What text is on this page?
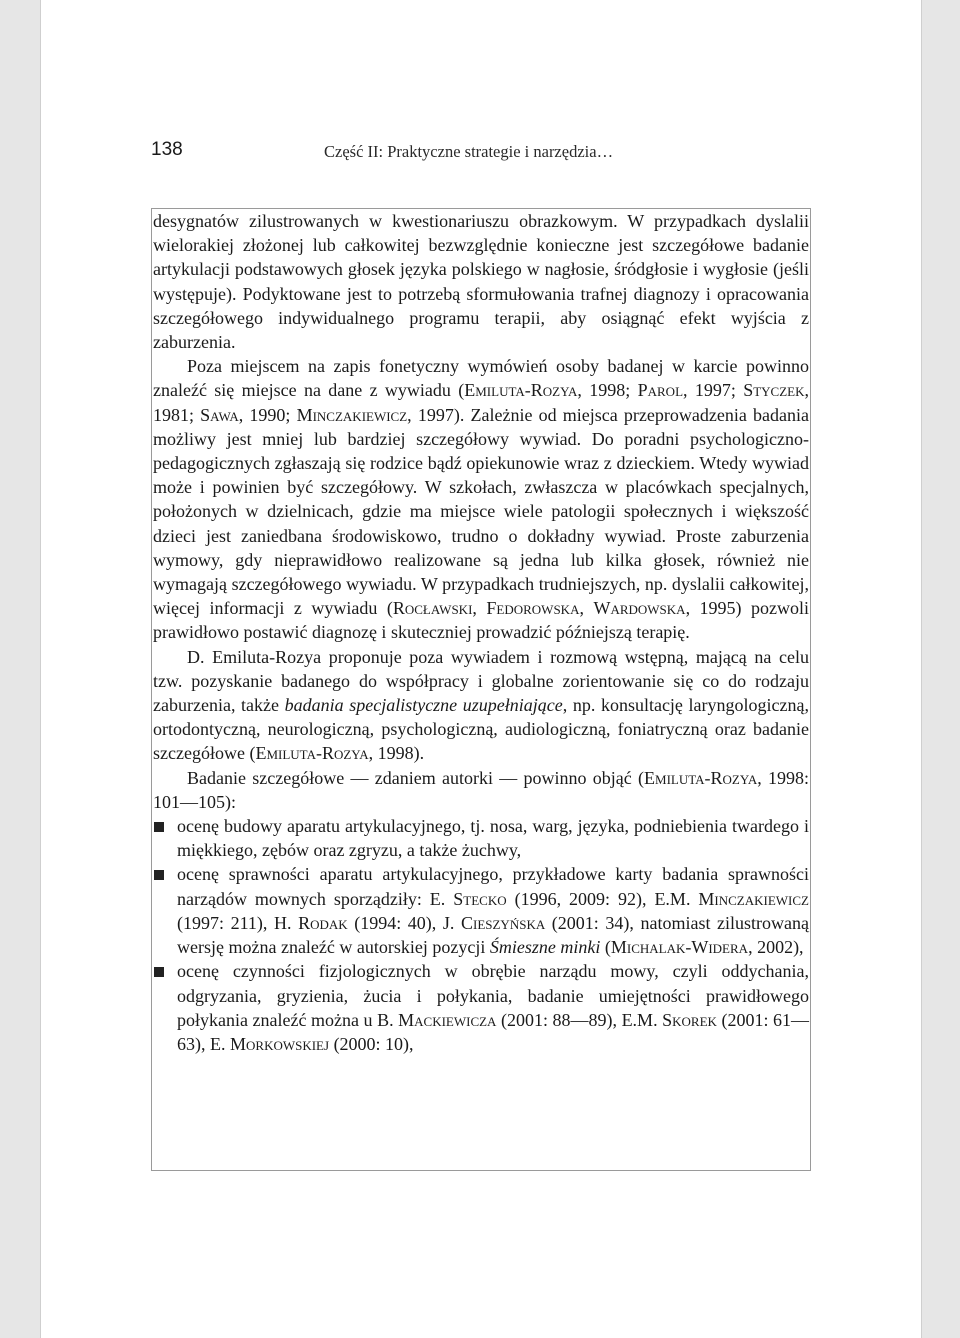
138	Część II: Praktyczne strategie i narzędzia…

desygnatów zilustrowanych w kwestionariuszu obrazkowym. W przypadkach dyslalii wielorakiej złożonej lub całkowitej bezwzględnie konieczne jest szczegółowe badanie artykulacji podstawowych głosek języka polskiego w nagłosie, śródgłosie i wygłosie (jeśli występuje). Podyktowane jest to potrzebą sformułowania trafnej diagnozy i opracowania szczegółowego indywidualnego programu terapii, aby osiągnąć efekt wyjścia z zaburzenia.

Poza miejscem na zapis fonetyczny wymówień osoby badanej w karcie powinno znaleźć się miejsce na dane z wywiadu (Emiluta-Rozya, 1998; Parol, 1997; Styczek, 1981; Sawa, 1990; Minczakiewicz, 1997). Zależnie od miejsca przeprowadzenia badania możliwy jest mniej lub bardziej szczegółowy wywiad. Do poradni psychologiczno-pedagogicznych zgłaszają się rodzice bądź opiekunowie wraz z dzieckiem. Wtedy wywiad może i powinien być szczegółowy. W szkołach, zwłaszcza w placówkach specjalnych, położonych w dzielnicach, gdzie ma miejsce wiele patologii społecznych i większość dzieci jest zaniedbana środowiskowo, trudno o dokładny wywiad. Proste zaburzenia wymowy, gdy nieprawidłowo realizowane są jedna lub kilka głosek, również nie wymagają szczegółowego wywiadu. W przypadkach trudniejszych, np. dyslalii całkowitej, więcej informacji z wywiadu (Rocławski, Fedorowska, Wardowska, 1995) pozwoli prawidłowo postawić diagnozę i skuteczniej prowadzić późniejszą terapię.

D. Emiluta-Rozya proponuje poza wywiadem i rozmową wstępną, mającą na celu tzw. pozyskanie badanego do współpracy i globalne zorientowanie się co do rodzaju zaburzenia, także badania specjalistyczne uzupełniające, np. konsultację laryngologiczną, ortodontyczną, neurologiczną, psychologiczną, audiologiczną, foniatryczną oraz badanie szczegółowe (Emiluta-Rozya, 1998).

Badanie szczegółowe — zdaniem autorki — powinno objąć (Emiluta-Rozya, 1998: 101—105):

ocenę budowy aparatu artykulacyjnego, tj. nosa, warg, języka, podniebienia twardego i miękkiego, zębów oraz zgryzu, a także żuchwy,
ocenę sprawności aparatu artykulacyjnego, przykładowe karty badania sprawności narządów mownych sporządziły: E. Stecko (1996, 2009: 92), E.M. Minczakiewicz (1997: 211), H. Rodak (1994: 40), J. Cieszyńska (2001: 34), natomiast zilustrowaną wersję można znaleźć w autorskiej pozycji Śmieszne minki (Michalak-Widera, 2002),
ocenę czynności fizjologicznych w obrębie narządu mowy, czyli oddychania, odgryzania, gryzienia, żucia i połykania, badanie umiejętności prawidłowego połykania znaleźć można u B. Mackiewicza (2001: 88—89), E.M. Skorek (2001: 61—63), E. Morkowskiej (2000: 10),
